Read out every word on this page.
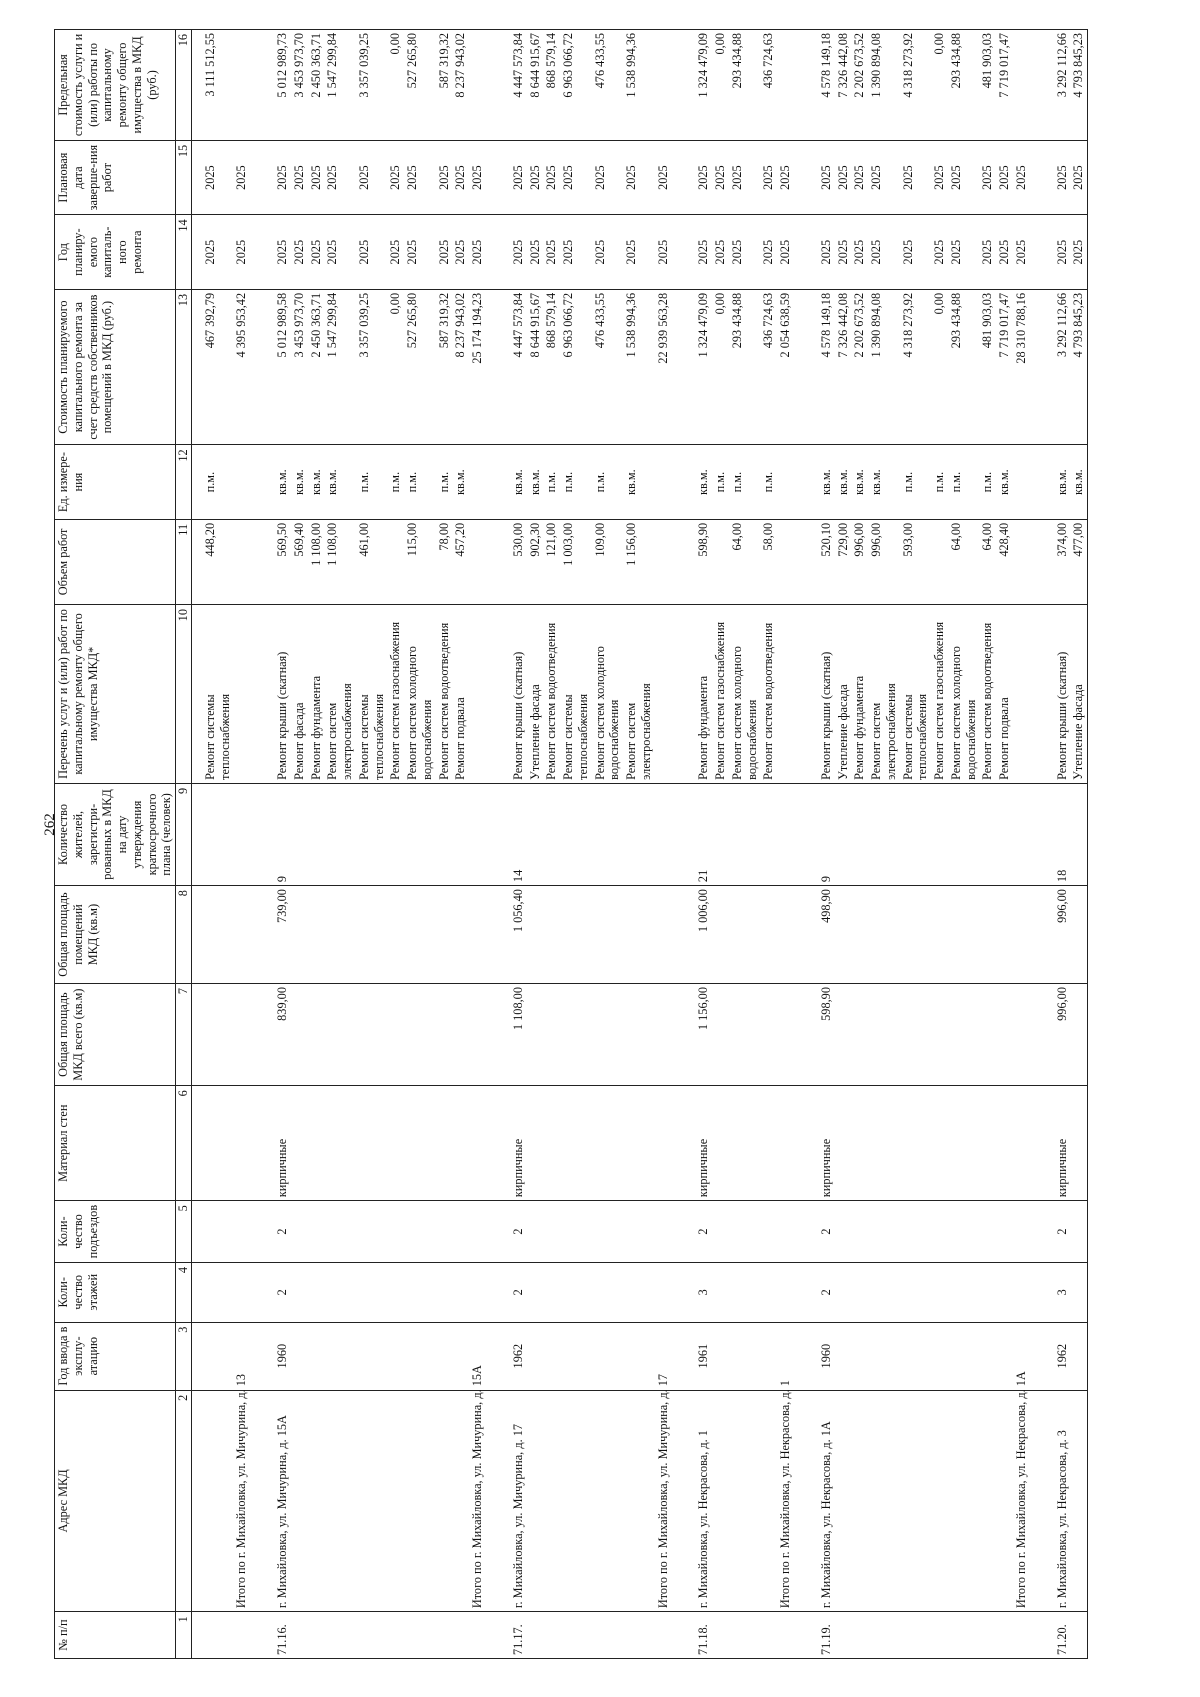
262
№ п/п	Адрес МКД	Год ввода в эксплу-атацию	Коли-чество этажей	Коли-чество подъездов	Материал стен	Общая площадь МКД всего (кв.м)	Общая площадь помещений МКД (кв.м)	Количество жителей, зарегистри-рованных в МКД на дату утверждения краткосрочного плана (человек)	Перечень услуг и (или) работ по капитальному ремонту общего имущества МКД*	Объем работ	Ед. измере-ния	Стоимость планируемого капитального ремонта за счет средств собственников помещений в МКД (руб.)	Год планиру-емого капиталь-ного ремонта	Плановая дата заверше-ния работ	Предельная стоимость услуги и (или) работы по капитальному ремонту общего имущества в МКД (руб.)
1	2	3	4	5	6	7	8	9	10	11	12	13	14	15	16

									Ремонт системы теплоснабжения	448,20	п.м.	467 392,79	2025	2025	3 111 512,55
	Итого по г. Михайловка, ул. Мичурина, д. 13											4 395 953,42	2025	2025	

71.16.	г. Михайловка, ул. Мичурина, д. 15А	1960	2	2	кирпичные	839,00	739,00	9	Ремонт крыши (скатная)	569,50	кв.м.	5 012 989,58	2025	2025	5 012 989,73
									Ремонт фасада	569,40	кв.м.	3 453 973,70	2025	2025	3 453 973,70
									Ремонт фундамента	1 108,00	кв.м.	2 450 363,71	2025	2025	2 450 363,71
									Ремонт систем электроснабжения	1 108,00	кв.м.	1 547 299,84	2025	2025	1 547 299,84
									Ремонт системы теплоснабжения	461,00	п.м.	3 357 039,25	2025	2025	3 357 039,25
									Ремонт систем газоснабжения		п.м.	0,00	2025	2025	0,00
									Ремонт систем холодного водоснабжения	115,00	п.м.	527 265,80	2025	2025	527 265,80
									Ремонт систем водоотведения	78,00	п.м.	587 319,32	2025	2025	587 319,32
									Ремонт подвала	457,20	кв.м.	8 237 943,02	2025	2025	8 237 943,02
	Итого по г. Михайловка, ул. Мичурина, д. 15А											25 174 194,23	2025	2025	

71.17.	г. Михайловка, ул. Мичурина, д. 17	1962	2	2	кирпичные	1 108,00	1 056,40	14	Ремонт крыши (скатная)	530,00	кв.м.	4 447 573,84	2025	2025	4 447 573,84
									Утепление фасада	902,30	кв.м.	8 644 915,67	2025	2025	8 644 915,67
									Ремонт систем водоотведения	121,00	п.м.	868 579,14	2025	2025	868 579,14
									Ремонт системы теплоснабжения	1 003,00	п.м.	6 963 066,72	2025	2025	6 963 066,72
									Ремонт систем холодного водоснабжения	109,00	п.м.	476 433,55	2025	2025	476 433,55
									Ремонт систем электроснабжения	1 156,00	кв.м.	1 538 994,36	2025	2025	1 538 994,36
	Итого по г. Михайловка, ул. Мичурина, д. 17											22 939 563,28	2025	2025	

71.18.	г. Михайловка, ул. Некрасова, д. 1	1961	3	2	кирпичные	1 156,00	1 006,00	21	Ремонт фундамента	598,90	кв.м.	1 324 479,09	2025	2025	1 324 479,09
									Ремонт систем газоснабжения		п.м.	0,00	2025	2025	0,00
									Ремонт систем холодного водоснабжения	64,00	п.м.	293 434,88	2025	2025	293 434,88
									Ремонт систем водоотведения	58,00	п.м.	436 724,63	2025	2025	436 724,63
	Итого по г. Михайловка, ул. Некрасова, д. 1											2 054 638,59	2025	2025	

71.19.	г. Михайловка, ул. Некрасова, д. 1А	1960	2	2	кирпичные	598,90	498,90	9	Ремонт крыши (скатная)	520,10	кв.м.	4 578 149,18	2025	2025	4 578 149,18
									Утепление фасада	729,00	кв.м.	7 326 442,08	2025	2025	7 326 442,08
									Ремонт фундамента	996,00	кв.м.	2 202 673,52	2025	2025	2 202 673,52
									Ремонт систем электроснабжения	996,00	кв.м.	1 390 894,08	2025	2025	1 390 894,08
									Ремонт системы теплоснабжения	593,00	п.м.	4 318 273,92	2025	2025	4 318 273,92
									Ремонт систем газоснабжения		п.м.	0,00	2025	2025	0,00
									Ремонт систем холодного водоснабжения	64,00	п.м.	293 434,88	2025	2025	293 434,88
									Ремонт систем водоотведения	64,00	п.м.	481 903,03	2025	2025	481 903,03
									Ремонт подвала	428,40	кв.м.	7 719 017,47	2025	2025	7 719 017,47
	Итого по г. Михайловка, ул. Некрасова, д. 1А											28 310 788,16	2025	2025	

71.20.	г. Михайловка, ул. Некрасова, д. 3	1962	3	2	кирпичные	996,00	996,00	18	Ремонт крыши (скатная)	374,00	кв.м.	3 292 112,66	2025	2025	3 292 112,66
									Утепление фасада	477,00	кв.м.	4 793 845,23	2025	2025	4 793 845,23
